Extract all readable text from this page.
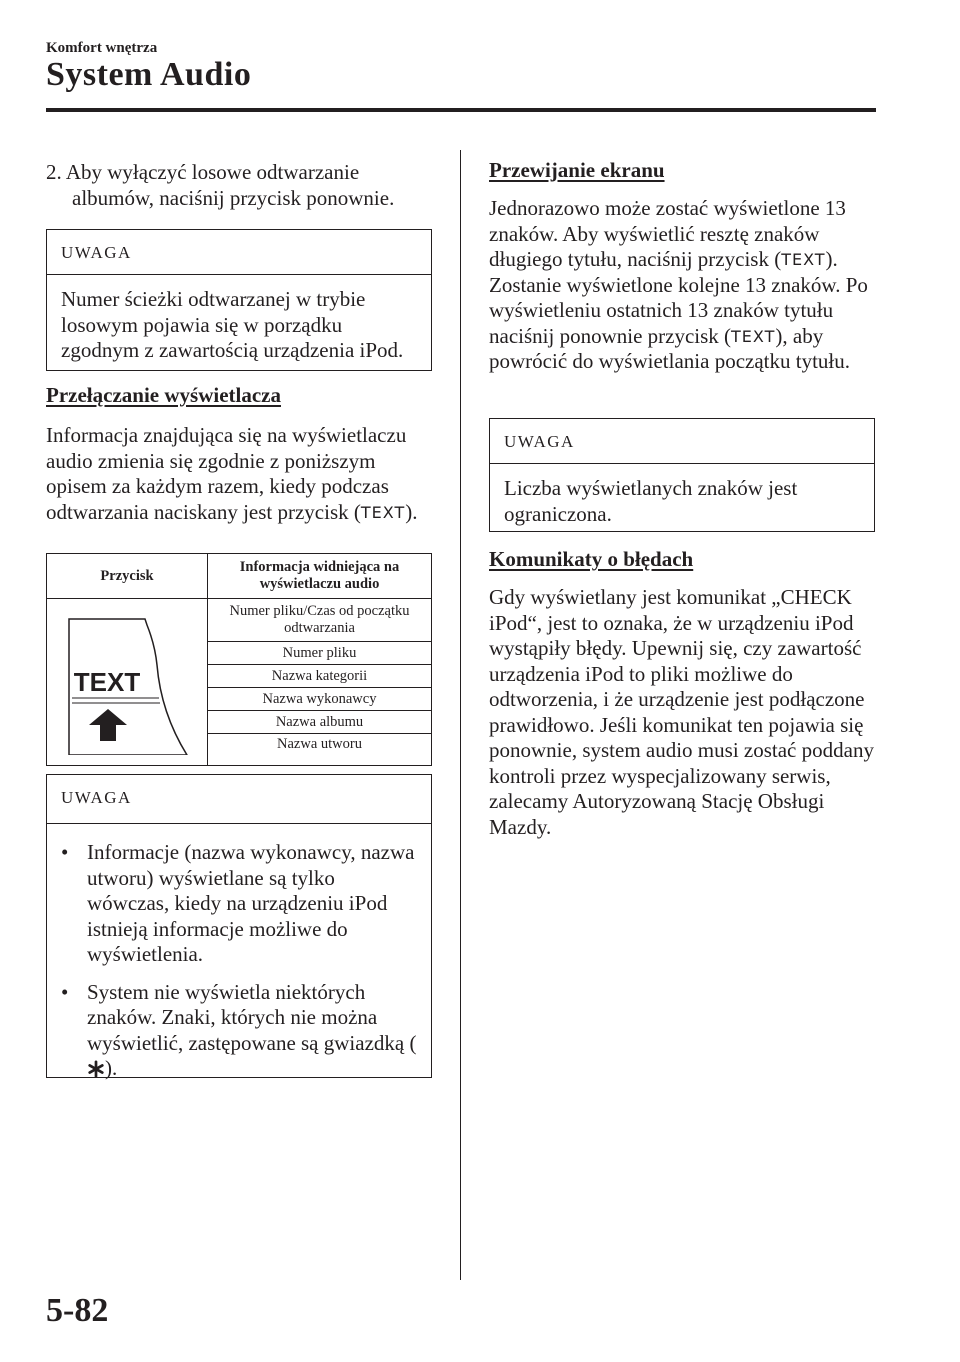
Komfort wnętrza
System Audio
2. Aby wyłączyć losowe odtwarzanie
albumów, naciśnij przycisk ponownie.
UWAGA
Numer ścieżki odtwarzanej w trybie losowym pojawia się w porządku zgodnym z zawartością urządzenia iPod.
Przełączanie wyświetlacza
Informacja znajdująca się na wyświetlaczu audio zmienia się zgodnie z poniższym opisem za każdym razem, kiedy podczas odtwarzania naciskany jest przycisk (TEXT).
Przycisk	Informacja widniejąca na wyświetlaczu audio

TEXT	Numer pliku/Czas od początku odtwarzania
	Numer pliku
	Nazwa kategorii
	Nazwa wykonawcy
	Nazwa albumu
	Nazwa utworu
UWAGA
• Informacje (nazwa wykonawcy, nazwa utworu) wyświetlane są tylko wówczas, kiedy na urządzeniu iPod istnieją informacje możliwe do wyświetlenia.
• System nie wyświetla niektórych znaków. Znaki, których nie można wyświetlić, zastępowane są gwiazdką ().
Przewijanie ekranu
Jednorazowo może zostać wyświetlone 13 znaków. Aby wyświetlić resztę znaków długiego tytułu, naciśnij przycisk (TEXT). Zostanie wyświetlone kolejne 13 znaków. Po wyświetleniu ostatnich 13 znaków tytułu naciśnij ponownie przycisk (TEXT), aby powrócić do wyświetlania początku tytułu.
UWAGA
Liczba wyświetlanych znaków jest ograniczona.
Komunikaty o błędach
Gdy wyświetlany jest komunikat „CHECK iPod“, jest to oznaka, że w urządzeniu iPod wystąpiły błędy. Upewnij się, czy zawartość urządzenia iPod to pliki możliwe do odtworzenia, i że urządzenie jest podłączone prawidłowo. Jeśli komunikat ten pojawia się ponownie, system audio musi zostać poddany kontroli przez wyspecjalizowany serwis, zalecamy Autoryzowaną Stację Obsługi Mazdy.
5-82
